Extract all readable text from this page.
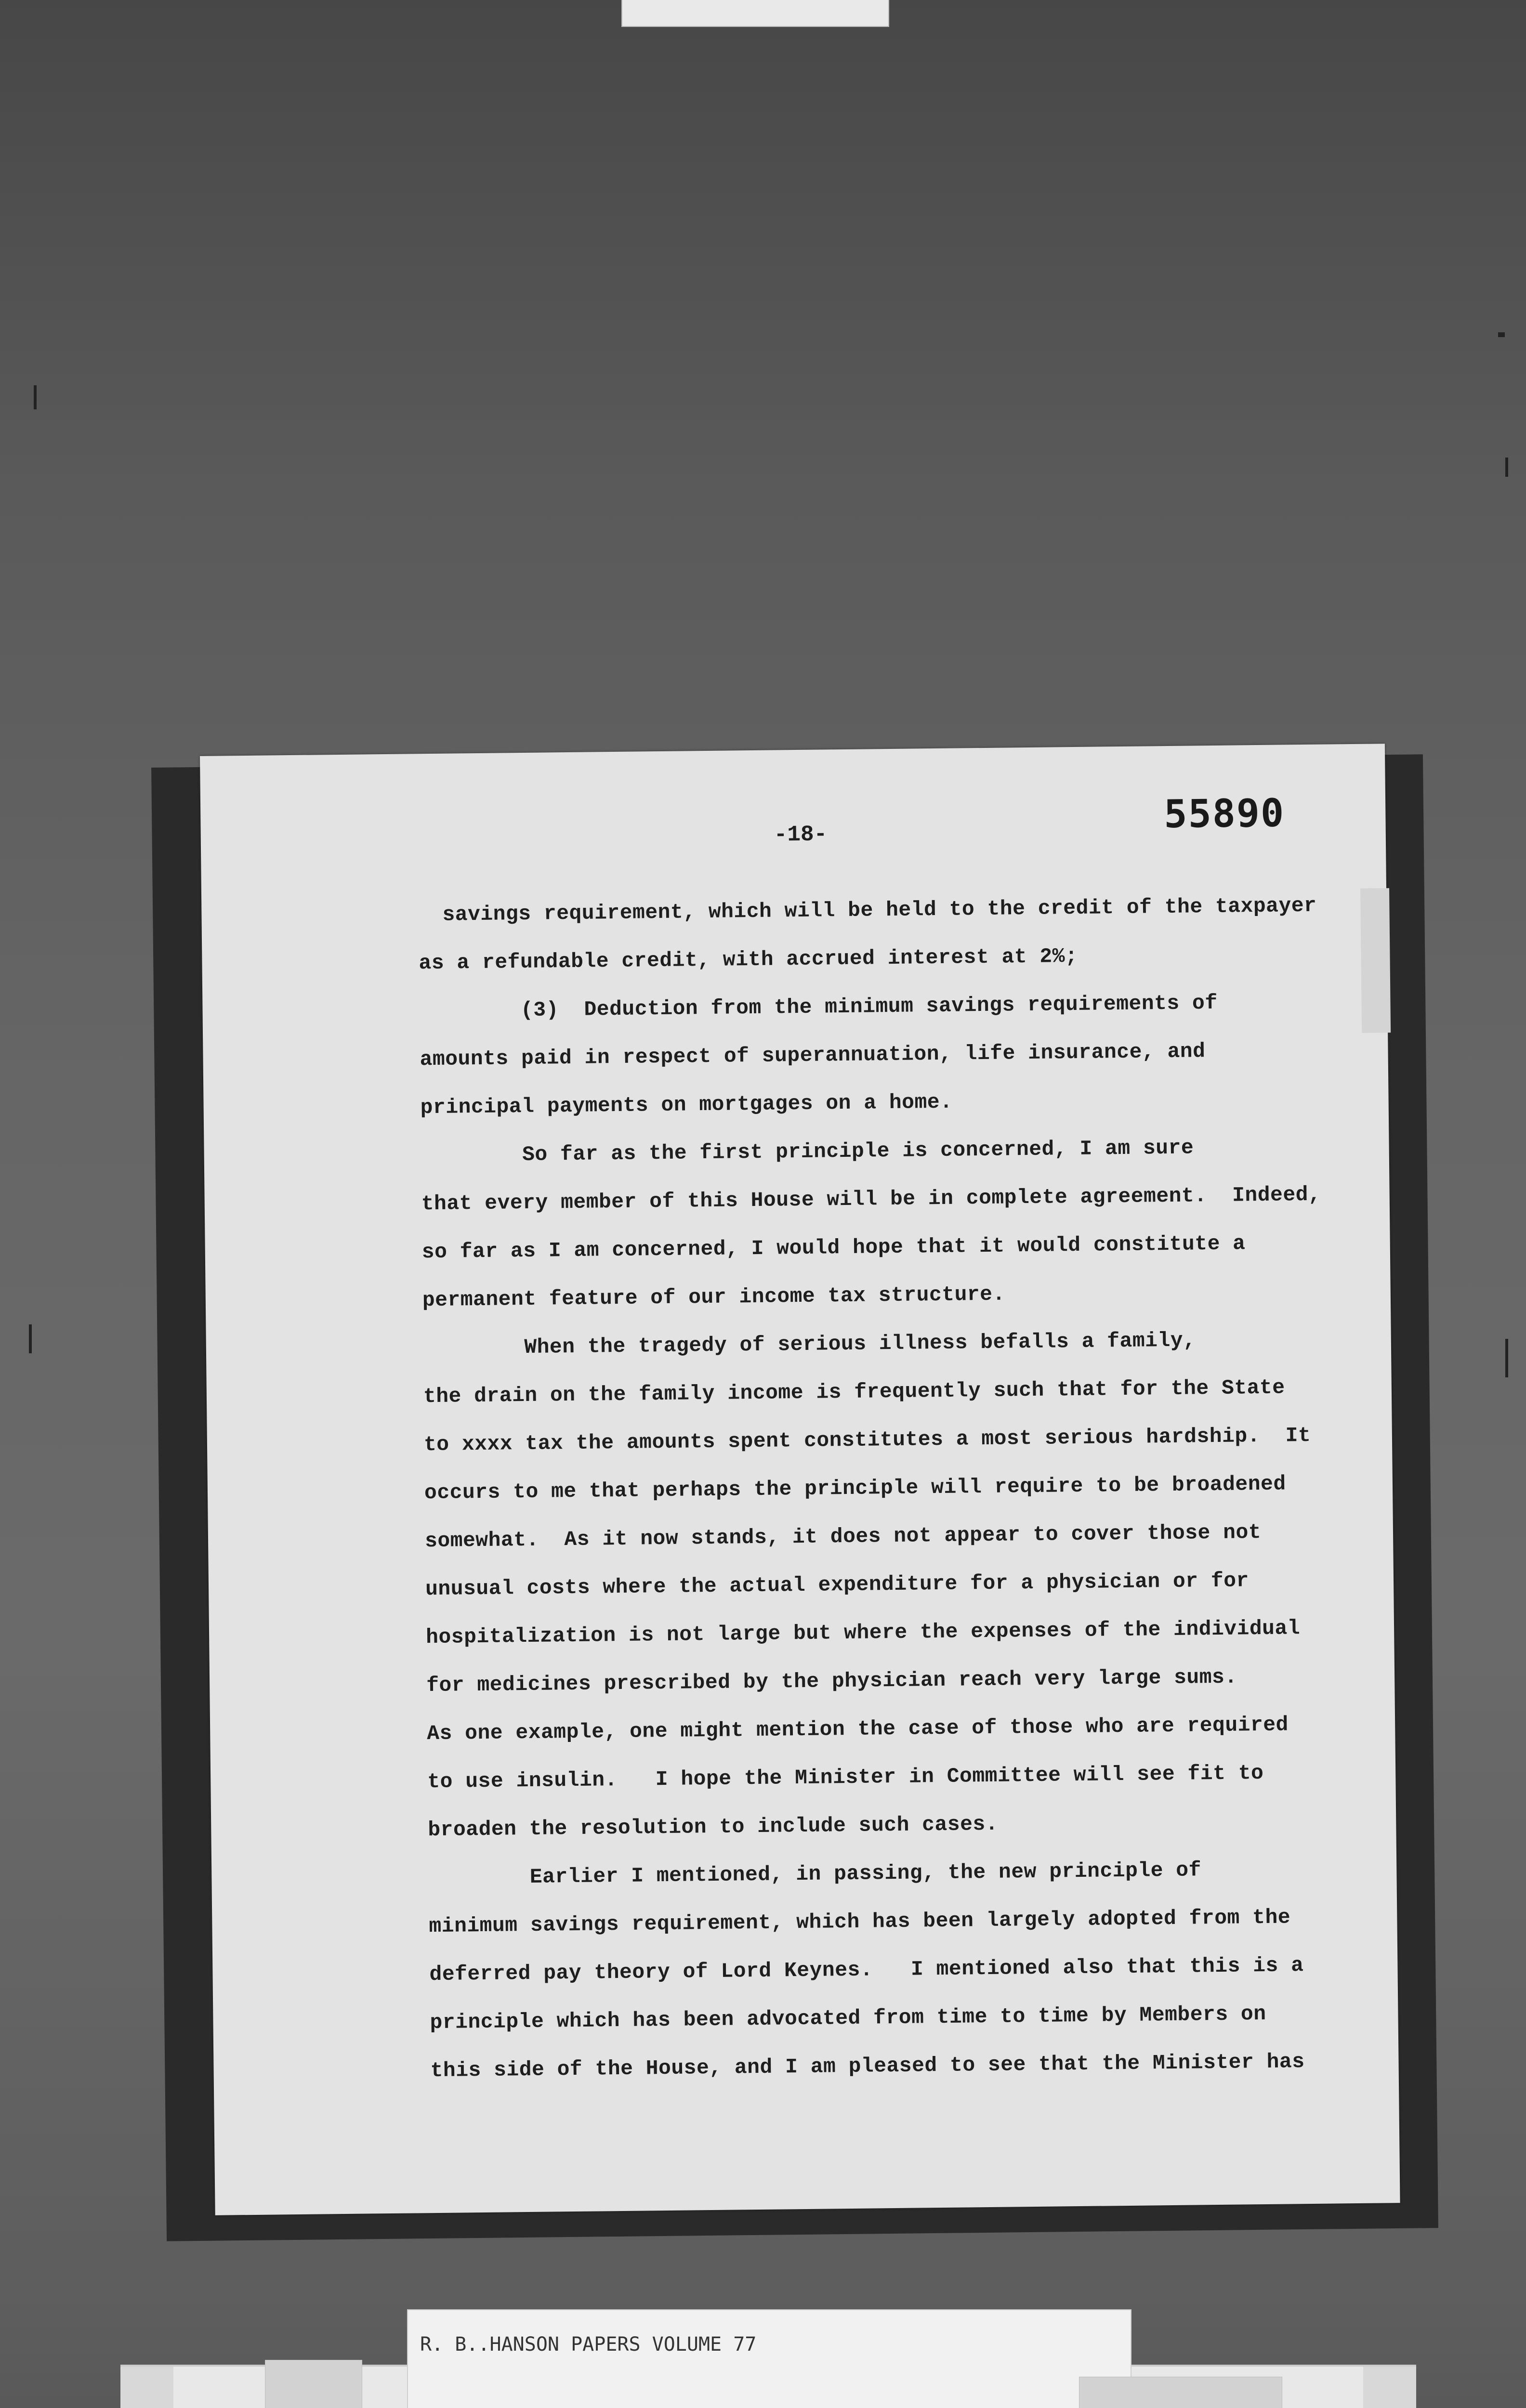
-18-	55890
savings requirement, which will be held to the credit of the taxpayer
as a refundable credit, with accrued interest at 2%;
(3)  Deduction from the minimum savings requirements of
amounts paid in respect of superannuation, life insurance, and
principal payments on mortgages on a home.
So far as the first principle is concerned, I am sure
that every member of this House will be in complete agreement.  Indeed,
so far as I am concerned, I would hope that it would constitute a
permanent feature of our income tax structure.
When the tragedy of serious illness befalls a family,
the drain on the family income is frequently such that for the State
to xxxx tax the amounts spent constitutes a most serious hardship.  It
occurs to me that perhaps the principle will require to be broadened
somewhat.  As it now stands, it does not appear to cover those not
unusual costs where the actual expenditure for a physician or for
hospitalization is not large but where the expenses of the individual
for medicines prescribed by the physician reach very large sums.
As one example, one might mention the case of those who are required
to use insulin.   I hope the Minister in Committee will see fit to
broaden the resolution to include such cases.
Earlier I mentioned, in passing, the new principle of
minimum savings requirement, which has been largely adopted from the
deferred pay theory of Lord Keynes.   I mentioned also that this is a
principle which has been advocated from time to time by Members on
this side of the House, and I am pleased to see that the Minister has
R. B..HANSON PAPERS VOLUME 77
